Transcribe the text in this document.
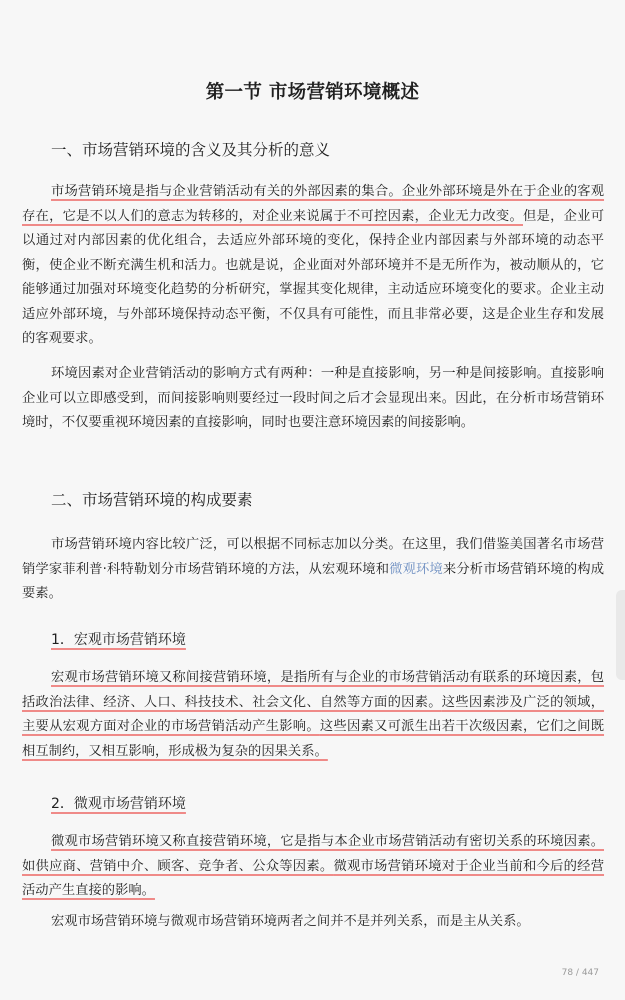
第一节 市场营销环境概述
一、市场营销环境的含义及其分析的意义

市场营销环境是指与企业营销活动有关的外部因素的集合。企业外部环境是外在于企业的客观存在，它是不以人们的意志为转移的，对企业来说属于不可控因素，企业无力改变。但是，企业可以通过对内部因素的优化组合，去适应外部环境的变化，保持企业内部因素与外部环境的动态平衡，使企业不断充满生机和活力。也就是说，企业面对外部环境并不是无所作为，被动顺从的，它能够通过加强对环境变化趋势的分析研究，掌握其变化规律，主动适应环境变化的要求。企业主动适应外部环境，与外部环境保持动态平衡，不仅具有可能性，而且非常必要，这是企业生存和发展的客观要求。

环境因素对企业营销活动的影响方式有两种：一种是直接影响，另一种是间接影响。直接影响企业可以立即感受到，而间接影响则要经过一段时间之后才会显现出来。因此，在分析市场营销环境时，不仅要重视环境因素的直接影响，同时也要注意环境因素的间接影响。

二、市场营销环境的构成要素

市场营销环境内容比较广泛，可以根据不同标志加以分类。在这里，我们借鉴美国著名市场营销学家菲利普·科特勒划分市场营销环境的方法，从宏观环境和微观环境来分析市场营销环境的构成要素。

1．宏观市场营销环境

宏观市场营销环境又称间接营销环境，是指所有与企业的市场营销活动有联系的环境因素，包括政治法律、经济、人口、科技技术、社会文化、自然等方面的因素。这些因素涉及广泛的领域，主要从宏观方面对企业的市场营销活动产生影响。这些因素又可派生出若干次级因素，它们之间既相互制约，又相互影响，形成极为复杂的因果关系。

2．微观市场营销环境

微观市场营销环境又称直接营销环境，它是指与本企业市场营销活动有密切关系的环境因素。如供应商、营销中介、顾客、竞争者、公众等因素。微观市场营销环境对于企业当前和今后的经营活动产生直接的影响。

宏观市场营销环境与微观市场营销环境两者之间并不是并列关系，而是主从关系。

78 / 447
